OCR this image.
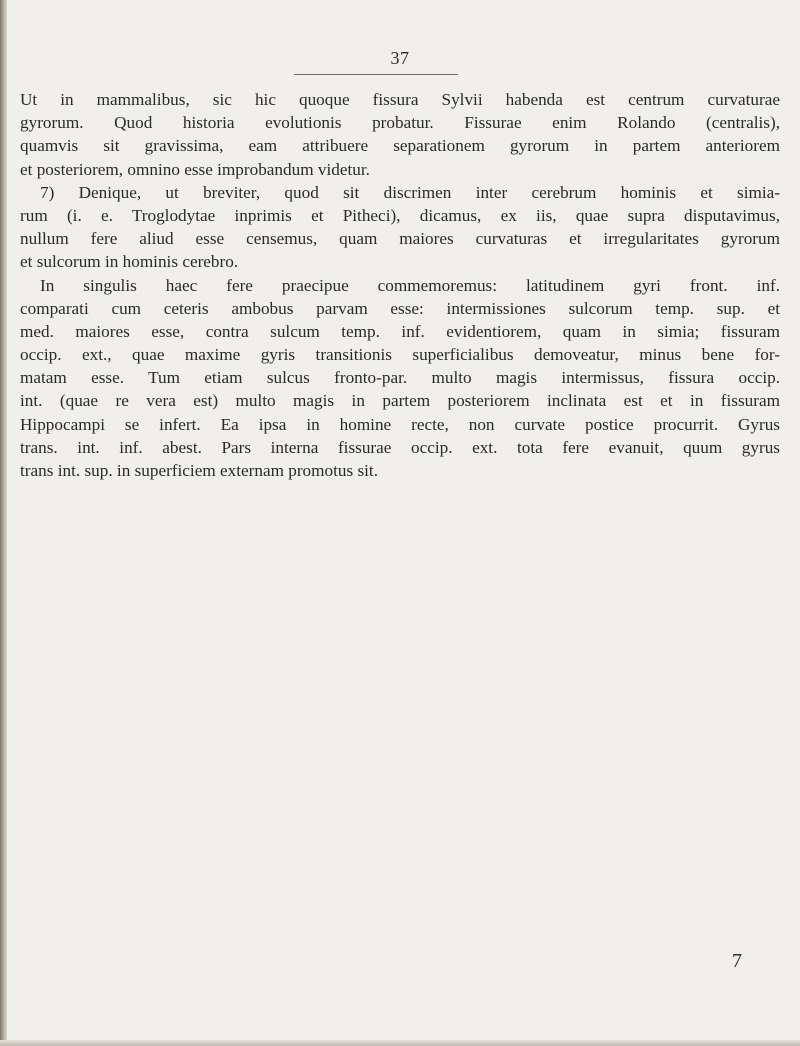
37
Ut in mammalibus, sic hic quoque fissura Sylvii habenda est centrum curvaturae
gyrorum. Quod historia evolutionis probatur. Fissurae enim Rolando (centralis),
quamvis sit gravissima, eam attribuere separationem gyrorum in partem anteriorem
et posteriorem, omnino esse improbandum videtur.
7) Denique, ut breviter, quod sit discrimen inter cerebrum hominis et simia-
rum (i. e. Troglodytae inprimis et Pitheci), dicamus, ex iis, quae supra disputavimus,
nullum fere aliud esse censemus, quam maiores curvaturas et irregularitates gyrorum
et sulcorum in hominis cerebro.
In singulis haec fere praecipue commemoremus: latitudinem gyri front. inf.
comparati cum ceteris ambobus parvam esse: intermissiones sulcorum temp. sup. et
med. maiores esse, contra sulcum temp. inf. evidentiorem, quam in simia; fissuram
occip. ext., quae maxime gyris transitionis superficialibus demoveatur, minus bene for-
matam esse. Tum etiam sulcus fronto-par. multo magis intermissus, fissura occip.
int. (quae re vera est) multo magis in partem posteriorem inclinata est et in fissuram
Hippocampi se infert. Ea ipsa in homine recte, non curvate postice procurrit. Gyrus
trans. int. inf. abest. Pars interna fissurae occip. ext. tota fere evanuit, quum gyrus
trans int. sup. in superficiem externam promotus sit.
7
